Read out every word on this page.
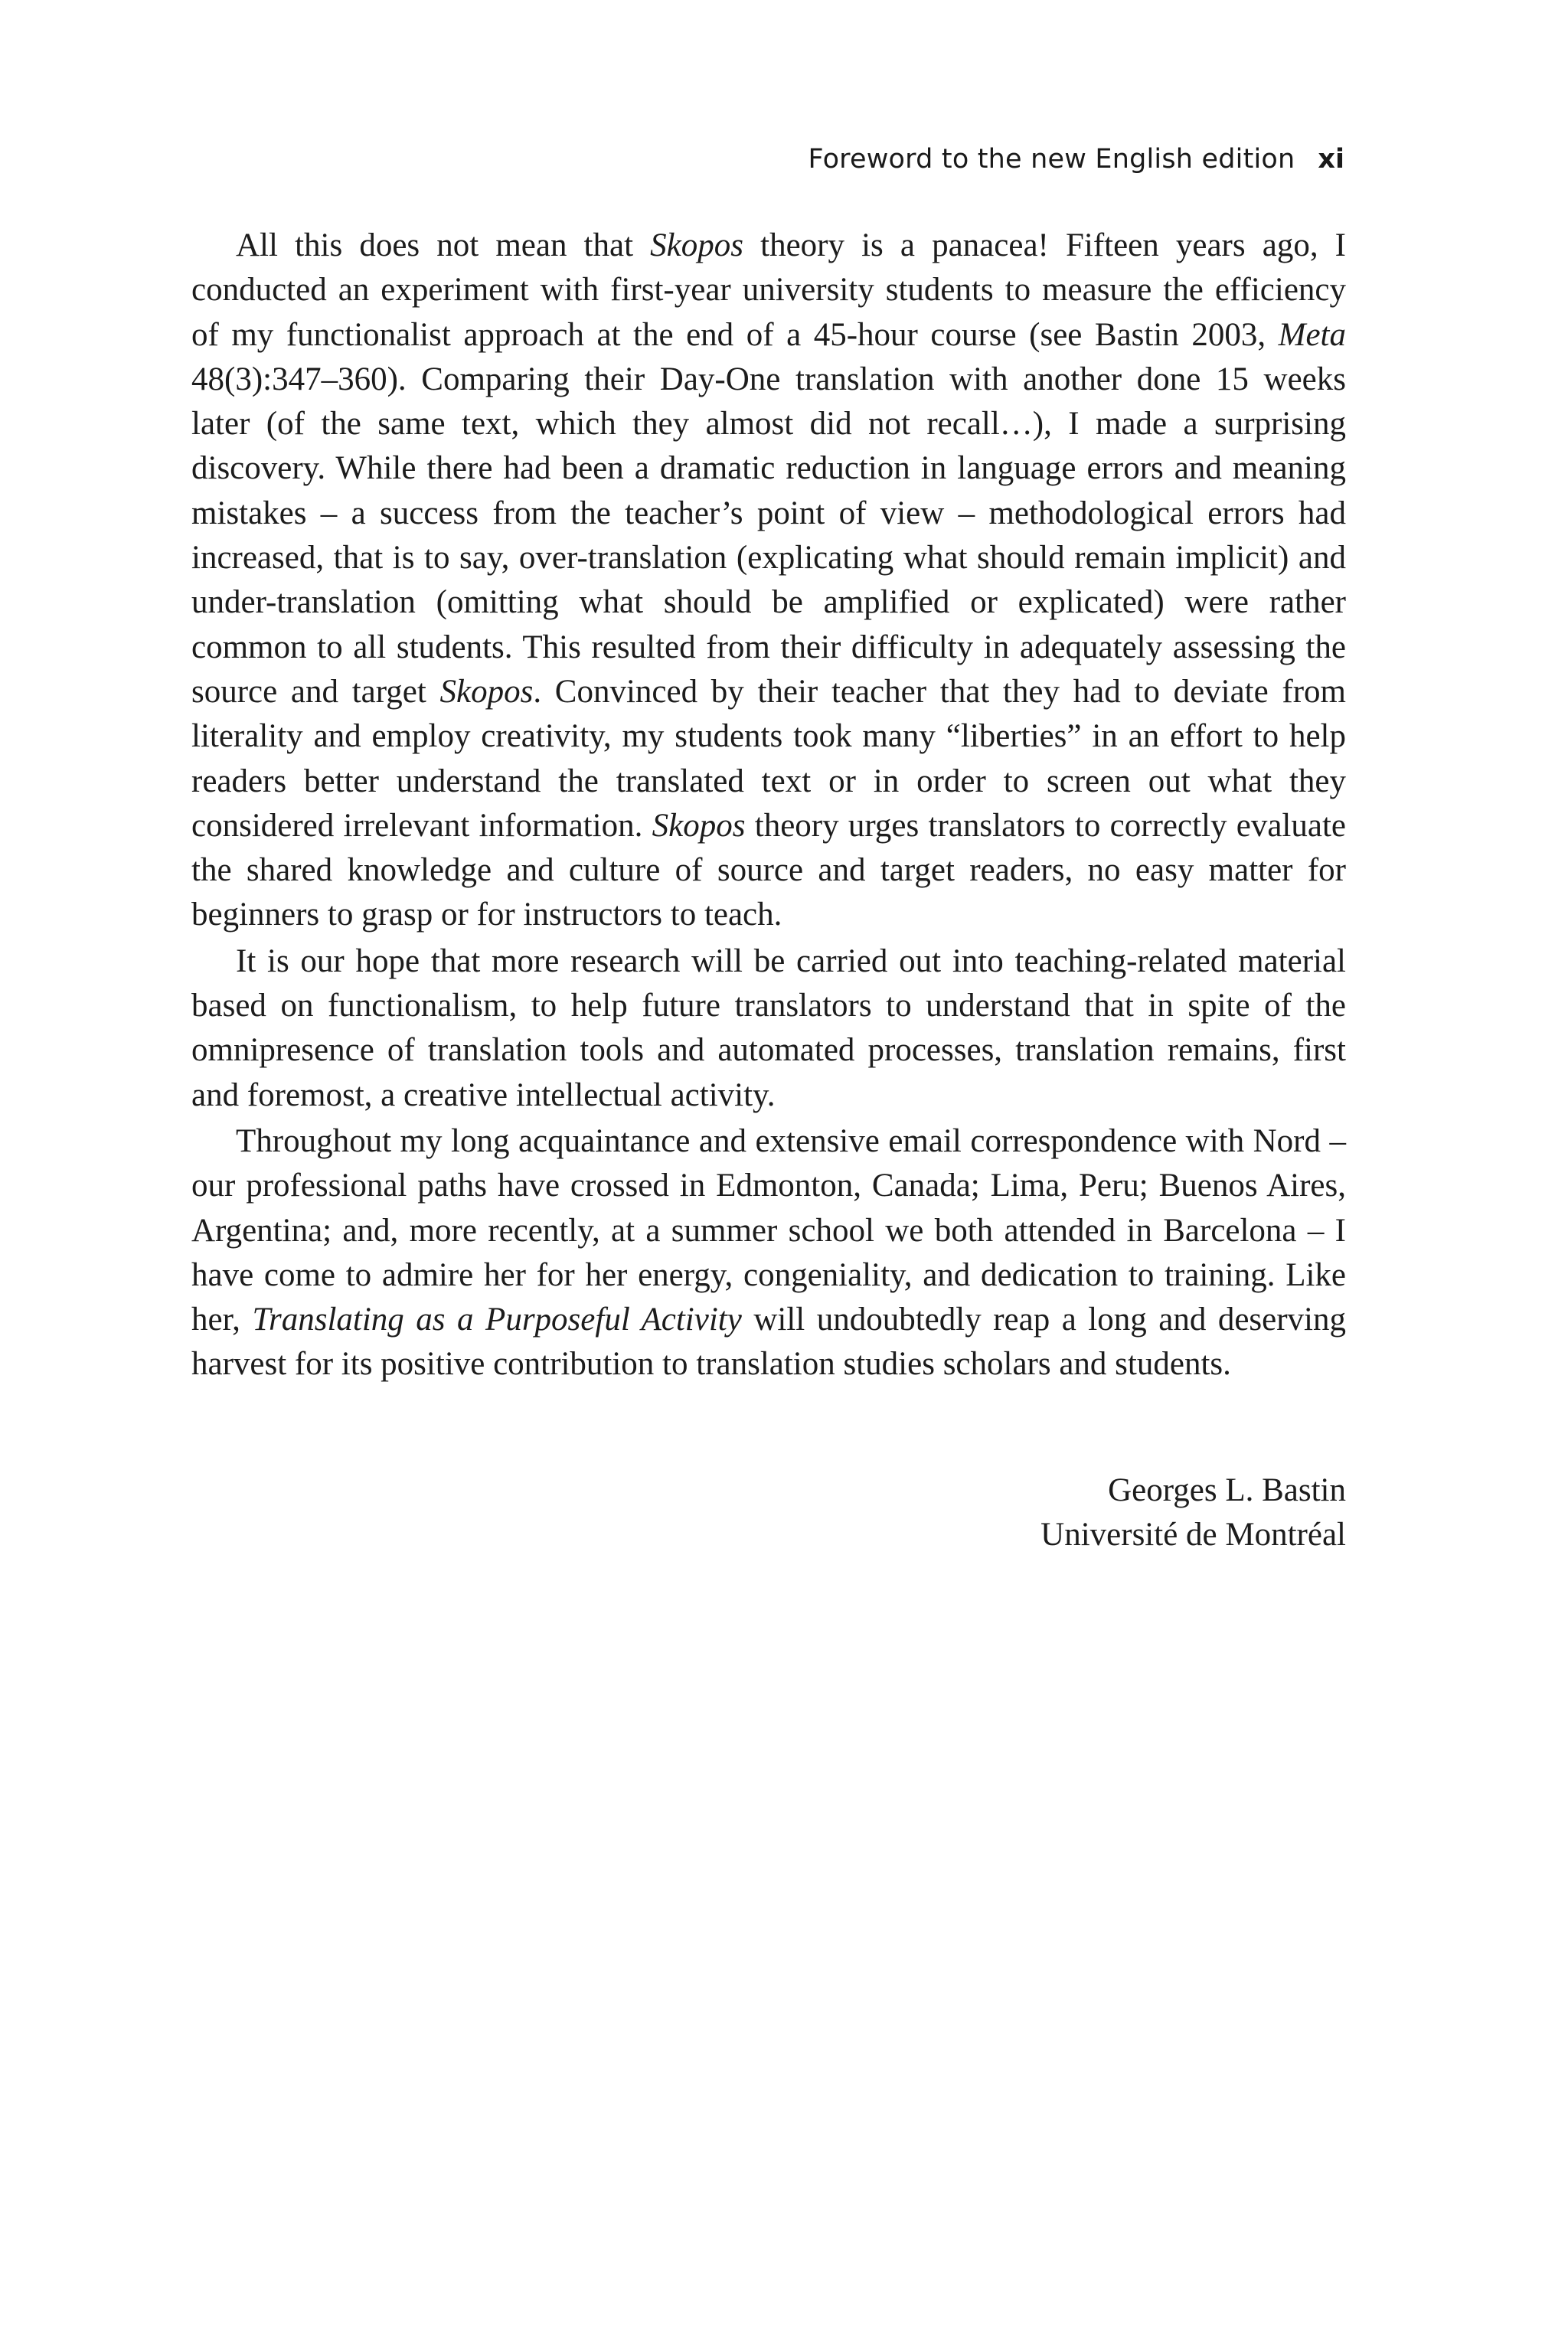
Foreword to the new English edition xi

All this does not mean that Skopos theory is a panacea! Fifteen years ago, I conducted an experiment with first-year university students to measure the efficiency of my functionalist approach at the end of a 45-hour course (see Bastin 2003, Meta 48(3):347–360). Comparing their Day-One translation with another done 15 weeks later (of the same text, which they almost did not recall…), I made a surprising discovery. While there had been a dramatic reduction in language errors and meaning mistakes – a success from the teacher’s point of view – methodological errors had increased, that is to say, over-translation (explicating what should remain implicit) and under-translation (omitting what should be amplified or explicated) were rather common to all students. This resulted from their difficulty in adequately assessing the source and target Skopos. Convinced by their teacher that they had to deviate from literality and employ creativity, my students took many “liberties” in an effort to help readers better understand the translated text or in order to screen out what they considered irrelevant information. Skopos theory urges translators to correctly evaluate the shared knowledge and culture of source and target readers, no easy matter for beginners to grasp or for instructors to teach.

It is our hope that more research will be carried out into teaching-related material based on functionalism, to help future translators to understand that in spite of the omnipresence of translation tools and automated processes, translation remains, first and foremost, a creative intellectual activity.

Throughout my long acquaintance and extensive email correspondence with Nord – our professional paths have crossed in Edmonton, Canada; Lima, Peru; Buenos Aires, Argentina; and, more recently, at a summer school we both attended in Barcelona – I have come to admire her for her energy, congeniality, and dedication to training. Like her, Translating as a Purposeful Activity will undoubtedly reap a long and deserving harvest for its positive contribution to translation studies scholars and students.

Georges L. Bastin
Université de Montréal
